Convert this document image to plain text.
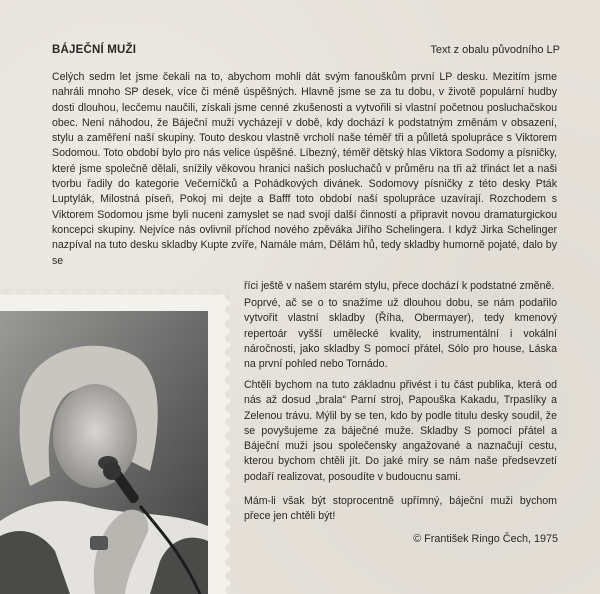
BÁJEČNÍ MUŽI	Text z obalu původního LP

Celých sedm let jsme čekali na to, abychom mohli dát svým fanouškům první LP desku. Mezitím jsme nahráli mnoho SP desek, více či méně úspěšných. Hlavně jsme se za tu dobu, v životě populární hudby dosti dlouhou, lecčemu naučili, získali jsme cenné zkušenosti a vytvořili si vlastní početnou posluchačskou obec. Není náhodou, že Báječní muži vycházejí v době, kdy dochází k podstatným změnám v obsazení, stylu a zaměření naší skupiny. Touto deskou vlastně vrcholí naše téměř tři a půlletá spolupráce s Viktorem Sodomou. Toto období bylo pro nás velice úspěšné. Líbezný, téměř dětský hlas Viktora Sodomy a písničky, které jsme společně dělali, snížily věkovou hranici našich posluchačů v průměru na tři až třináct let a naši tvorbu řadily do kategorie Večerníčků a Pohádkových divánek. Sodomovy písničky z této desky Pták Luptylák, Milostná píseň, Pokoj mi dejte a Bafff toto období naší spolupráce uzavírají. Rozchodem s Viktorem Sodomou jsme byli nuceni zamyslet se nad svojí další činností a připravit novou dramaturgickou koncepci skupiny. Nejvíce nás ovlivnil příchod nového zpěváka Jiřího Schelingera. I když Jirka Schelinger nazpíval na tuto desku skladby Kupte zvíře, Namále mám, Dělám hů, tedy skladby humorně pojaté, dalo by se

říci ještě v našem starém stylu, přece dochází k podstatné změně.

Poprvé, ač se o to snažíme už dlouhou dobu, se nám podařilo vytvořit vlastní skladby (Říha, Obermayer), tedy kmenový repertoár vyšší umělecké kvality, instrumentální i vokální náročnosti, jako skladby S pomocí přátel, Sólo pro house, Láska na první pohled nebo Tornádo.

Chtěli bychom na tuto základnu přivést i tu část publika, která od nás až dosud „brala“ Parní stroj, Papouška Kakadu, Trpaslíky a Zelenou trávu. Mýlil by se ten, kdo by podle titulu desky soudil, že se povyšujeme za báječné muže. Skladby S pomocí přátel a Báječní muži jsou společensky angažované a naznačují cestu, kterou bychom chtěli jít. Do jaké míry se nám naše předsevzetí podaří realizovat, posoudíte v budoucnu sami.

Mám-li však být stoprocentně upřímný, báječní muži bychom přece jen chtěli být!

© František Ringo Čech, 1975
